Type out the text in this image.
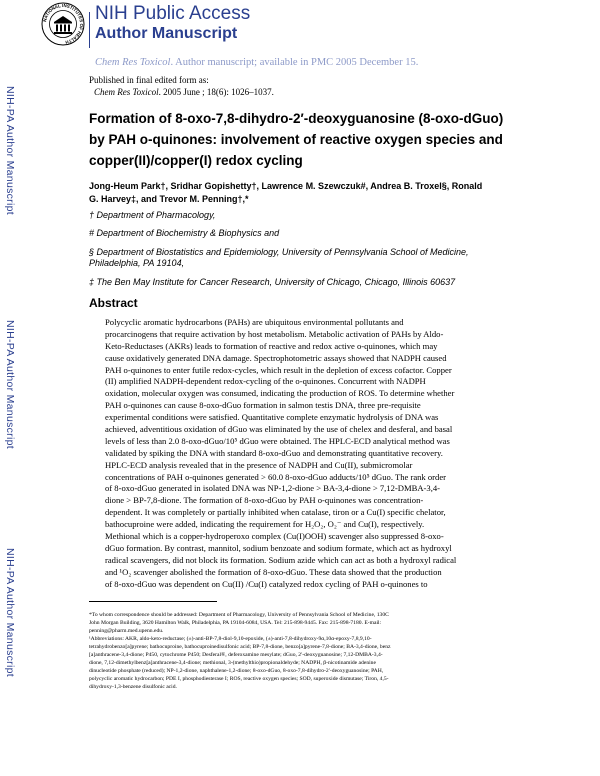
NATIONAL INSTITUTES OF HEALTH
NIH Public Access
Author Manuscript
Chem Res Toxicol. Author manuscript; available in PMC 2005 December 15.
Published in final edited form as:
Chem Res Toxicol. 2005 June ; 18(6): 1026–1037.
NIH-PA Author Manuscript
NIH-PA Author Manuscript
NIH-PA Author Manuscript
Formation of 8-oxo-7,8-dihydro-2′-deoxyguanosine (8-oxo-dGuo)
by PAH o-quinones: involvement of reactive oxygen species and
copper(II)/copper(I) redox cycling
Jong-Heum Park†, Sridhar Gopishetty†, Lawrence M. Szewczuk#, Andrea B. Troxel§, Ronald
G. Harvey‡, and Trevor M. Penning†,*
† Department of Pharmacology,
# Department of Biochemistry & Biophysics and
§ Department of Biostatistics and Epidemiology, University of Pennsylvania School of Medicine,
Philadelphia, PA 19104,
‡ The Ben May Institute for Cancer Research, University of Chicago, Chicago, Illinois 60637
Abstract
Polycyclic aromatic hydrocarbons (PAHs) are ubiquitous environmental pollutants and
procarcinogens that require activation by host metabolism. Metabolic activation of PAHs by Aldo-
Keto-Reductases (AKRs) leads to formation of reactive and redox active o-quinones, which may
cause oxidatively generated DNA damage. Spectrophotometric assays showed that NADPH caused
PAH o-quinones to enter futile redox-cycles, which result in the depletion of excess cofactor. Copper
(II) amplified NADPH-dependent redox-cycling of the o-quinones. Concurrent with NADPH
oxidation, molecular oxygen was consumed, indicating the production of ROS. To determine whether
PAH o-quinones can cause 8-oxo-dGuo formation in salmon testis DNA, three pre-requisite
experimental conditions were satisfied. Quantitative complete enzymatic hydrolysis of DNA was
achieved, adventitious oxidation of dGuo was eliminated by the use of chelex and desferal, and basal
levels of less than 2.0 8-oxo-dGuo/10⁵ dGuo were obtained. The HPLC-ECD analytical method was
validated by spiking the DNA with standard 8-oxo-dGuo and demonstrating quantitative recovery.
HPLC-ECD analysis revealed that in the presence of NADPH and Cu(II), submicromolar
concentrations of PAH o-quinones generated > 60.0 8-oxo-dGuo adducts/10⁵ dGuo. The rank order
of 8-oxo-dGuo generated in isolated DNA was NP-1,2-dione > BA-3,4-dione > 7,12-DMBA-3,4-
dione > BP-7,8-dione. The formation of 8-oxo-dGuo by PAH o-quinones was concentration-
dependent. It was completely or partially inhibited when catalase, tiron or a Cu(I) specific chelator,
bathocuproine were added, indicating the requirement for H₂O₂, O₂⁻ and Cu(I), respectively.
Methional which is a copper-hydroperoxo complex (Cu(I)OOH) scavenger also suppressed 8-oxo-
dGuo formation. By contrast, mannitol, sodium benzoate and sodium formate, which act as hydroxyl
radical scavengers, did not block its formation. Sodium azide which can act as both a hydroxyl radical
and ¹O₂ scavenger abolished the formation of 8-oxo-dGuo. These data showed that the production
of 8-oxo-dGuo was dependent on Cu(II) /Cu(I) catalyzed redox cycling of PAH o-quinones to
*To whom correspondence should be addressed: Department of Pharmacology, University of Pennsylvania School of Medicine, 130C
John Morgan Building, 3620 Hamilton Walk, Philadelphia, PA 19104-6084, USA. Tel: 215-898-9445. Fax: 215-898-7180. E-mail:
penning@pharm.med.upenn.edu.
¹Abbreviations: AKR, aldo-keto-reductase; (±)-anti-BP-7,8-diol-9,10-epoxide, (±)-anti-7,8-dihydroxy-9α,10α-epoxy-7,8,9,10-
tetrahydrobenzo[a]pyrene; bathocuproine, bathocuproinedisulfonic acid; BP-7,8-dione, benzo[a]pyrene-7,8-dione; BA-3,4-dione, benz
[a]anthracene-3,4-dione; P450, cytochrome P450; Desferal®, deferoxamine mesylate; dGuo, 2′-deoxyguanosine; 7,12-DMBA-3,4-
dione, 7,12-dimethylbenz[a]anthracene-3,4-dione; methional, 3-(methylthio)propionaldehyde; NADPH, β-nicotinamide adenine
dinucleotide phosphate (reduced); NP-1,2-dione, naphthalene-1,2-dione; 8-oxo-dGuo, 8-oxo-7,8-dihydro-2′-deoxyguanosine; PAH,
polycyclic aromatic hydrocarbon; PDE I, phosphodiesterase I; ROS, reactive oxygen species; SOD, superoxide dismutase; Tiron, 4,5-
dihydroxy-1,3-benzene disulfonic acid.
